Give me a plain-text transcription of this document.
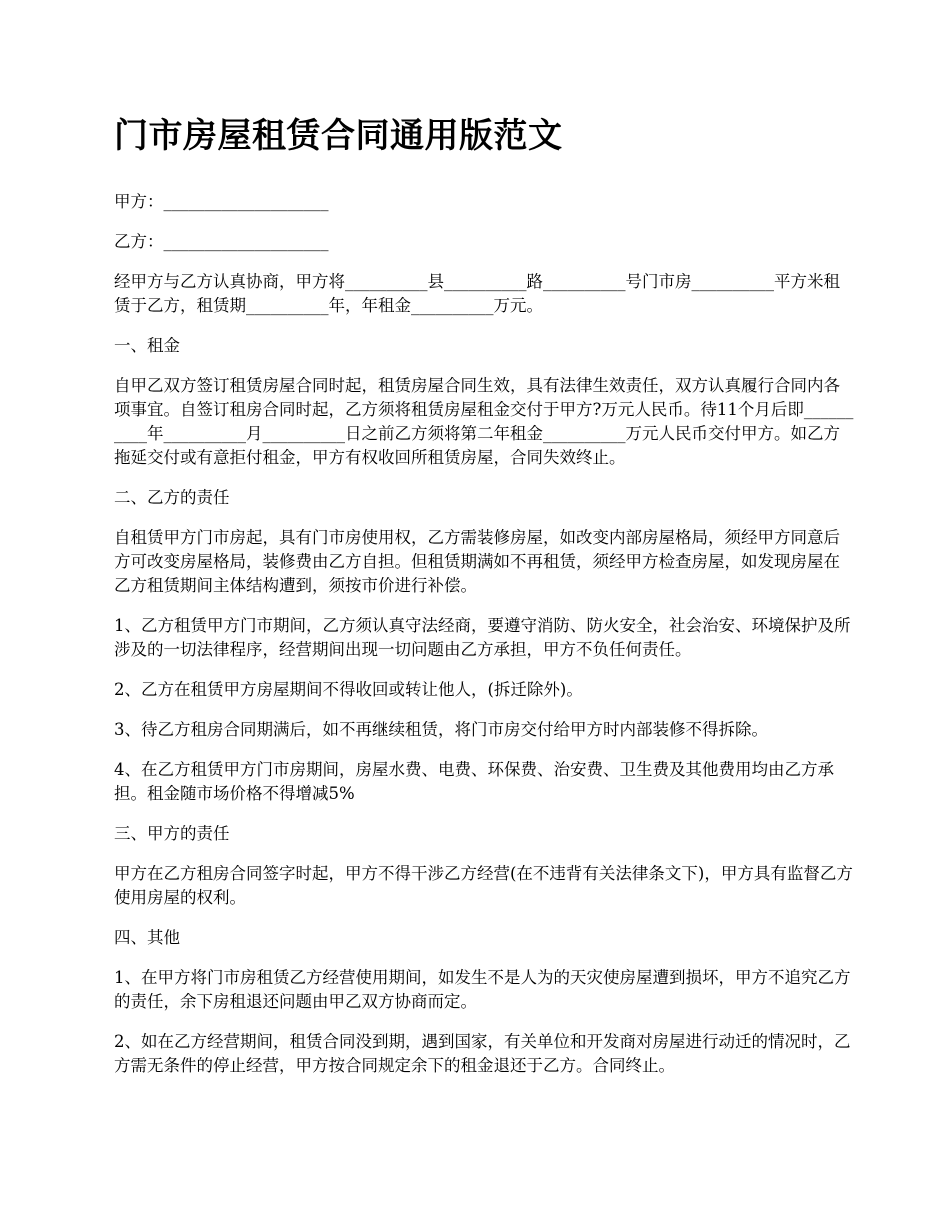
门市房屋租赁合同通用版范文

甲方：____________________

乙方：____________________

经甲方与乙方认真协商，甲方将__________县__________路__________号门市房__________平方米租赁于乙方，租赁期__________年，年租金__________万元。

一、租金

自甲乙双方签订租赁房屋合同时起，租赁房屋合同生效，具有法律生效责任，双方认真履行合同内各项事宜。自签订租房合同时起，乙方须将租赁房屋租金交付于甲方?万元人民币。待11个月后即__________年__________月__________日之前乙方须将第二年租金__________万元人民币交付甲方。如乙方拖延交付或有意拒付租金，甲方有权收回所租赁房屋，合同失效终止。

二、乙方的责任

自租赁甲方门市房起，具有门市房使用权，乙方需装修房屋，如改变内部房屋格局，须经甲方同意后方可改变房屋格局，装修费由乙方自担。但租赁期满如不再租赁，须经甲方检查房屋，如发现房屋在乙方租赁期间主体结构遭到，须按市价进行补偿。

1、乙方租赁甲方门市期间，乙方须认真守法经商，要遵守消防、防火安全，社会治安、环境保护及所涉及的一切法律程序，经营期间出现一切问题由乙方承担，甲方不负任何责任。

2、乙方在租赁甲方房屋期间不得收回或转让他人，(拆迁除外)。

3、待乙方租房合同期满后，如不再继续租赁，将门市房交付给甲方时内部装修不得拆除。

4、在乙方租赁甲方门市房期间，房屋水费、电费、环保费、治安费、卫生费及其他费用均由乙方承担。租金随市场价格不得增减5%

三、甲方的责任

甲方在乙方租房合同签字时起，甲方不得干涉乙方经营(在不违背有关法律条文下)，甲方具有监督乙方使用房屋的权利。

四、其他

1、在甲方将门市房租赁乙方经营使用期间，如发生不是人为的天灾使房屋遭到损坏，甲方不追究乙方的责任，余下房租退还问题由甲乙双方协商而定。

2、如在乙方经营期间，租赁合同没到期，遇到国家，有关单位和开发商对房屋进行动迁的情况时，乙方需无条件的停止经营，甲方按合同规定余下的租金退还于乙方。合同终止。
